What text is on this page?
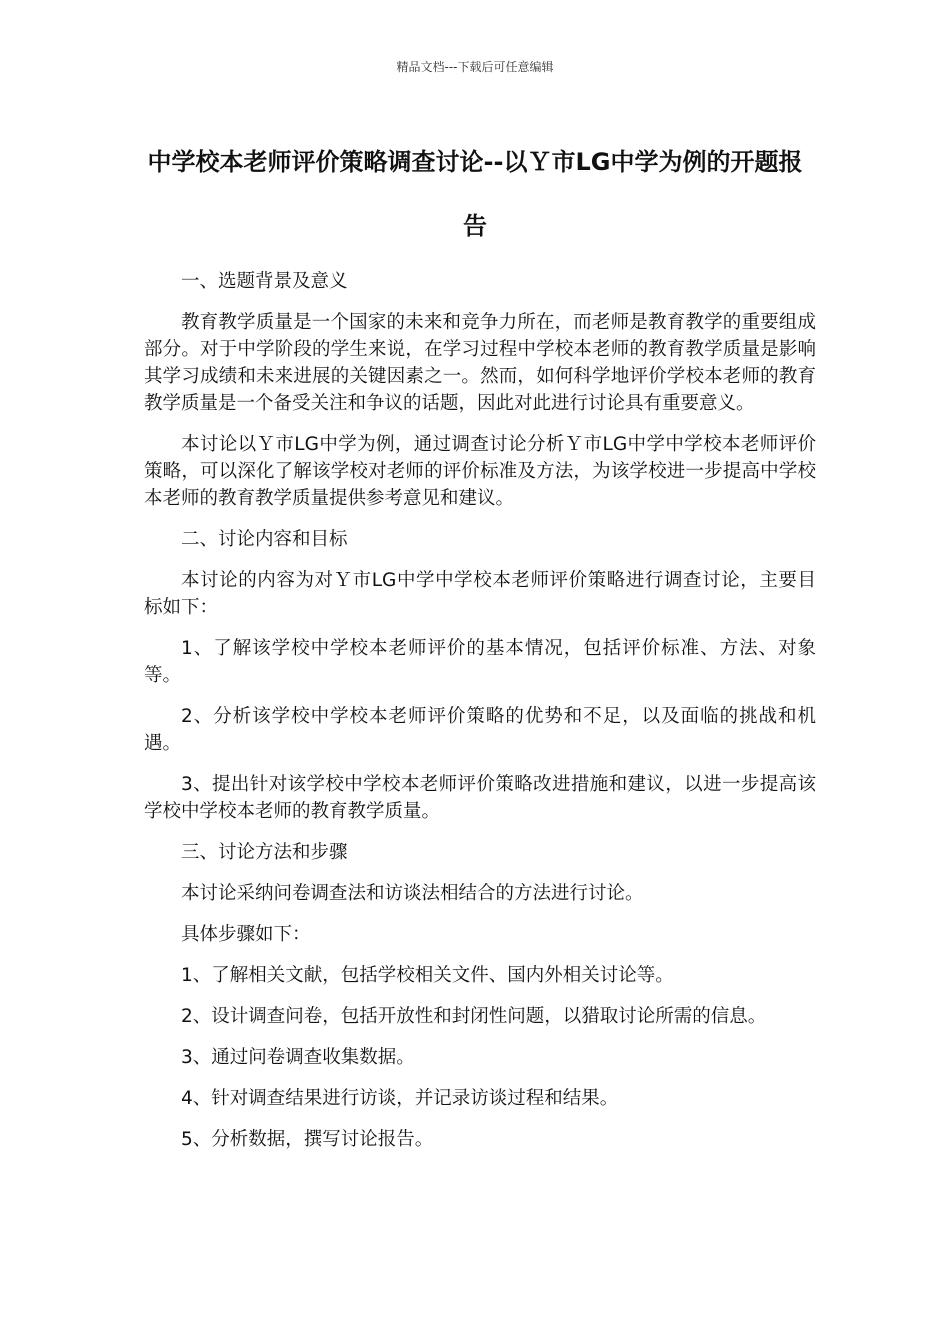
精品文档---下载后可任意编辑
中学校本老师评价策略调查讨论--以Ｙ市LG中学为例的开题报告

一、选题背景及意义

教育教学质量是一个国家的未来和竞争力所在，而老师是教育教学的重要组成部分。对于中学阶段的学生来说，在学习过程中学校本老师的教育教学质量是影响其学习成绩和未来进展的关键因素之一。然而，如何科学地评价学校本老师的教育教学质量是一个备受关注和争议的话题，因此对此进行讨论具有重要意义。

本讨论以Ｙ市LG中学为例，通过调查讨论分析Ｙ市LG中学中学校本老师评价策略，可以深化了解该学校对老师的评价标准及方法，为该学校进一步提高中学校本老师的教育教学质量提供参考意见和建议。

二、讨论内容和目标

本讨论的内容为对Ｙ市LG中学中学校本老师评价策略进行调查讨论，主要目标如下：

1、了解该学校中学校本老师评价的基本情况，包括评价标准、方法、对象等。

2、分析该学校中学校本老师评价策略的优势和不足，以及面临的挑战和机遇。

3、提出针对该学校中学校本老师评价策略改进措施和建议，以进一步提高该学校中学校本老师的教育教学质量。

三、讨论方法和步骤

本讨论采纳问卷调查法和访谈法相结合的方法进行讨论。

具体步骤如下：

1、了解相关文献，包括学校相关文件、国内外相关讨论等。

2、设计调查问卷，包括开放性和封闭性问题，以猎取讨论所需的信息。

3、通过问卷调查收集数据。

4、针对调查结果进行访谈，并记录访谈过程和结果。

5、分析数据，撰写讨论报告。
